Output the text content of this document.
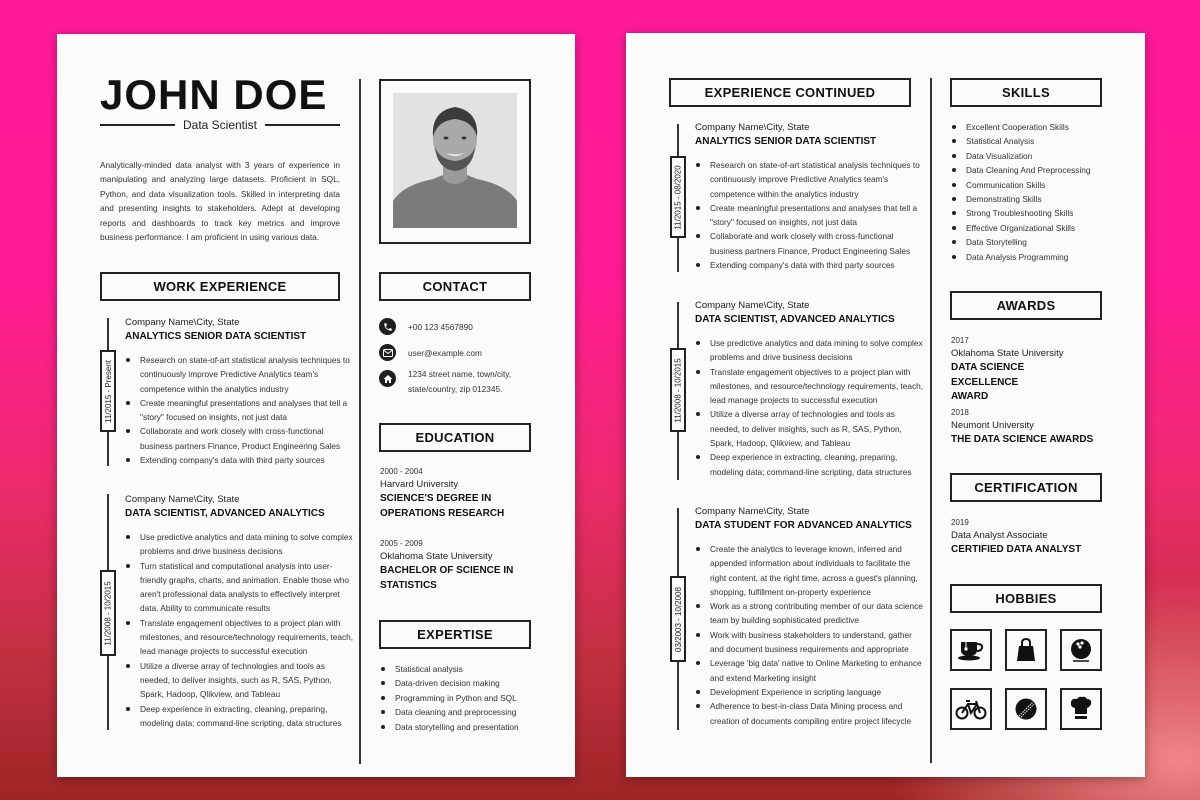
JOHN DOE
Data Scientist
Analytically-minded data analyst with 3 years of experience in manipulating and analyzing large datasets. Proficient in SQL, Python, and data visualization tools. Skilled in interpreting data and presenting insights to stakeholders. Adept at developing reports and dashboards to track key metrics and improve business performance. I am proficient in using various data.
WORK EXPERIENCE
11/2015 - Present
Company Name\City, State
ANALYTICS SENIOR DATA SCIENTIST
Research on state-of-art statistical analysis techniques to continuously improve Predictive Analytics team's competence within the analytics industry
Create meaningful presentations and analyses that tell a "story" focused on insights, not just data
Collaborate and work closely with cross-functional business partners Finance, Product Engineering Sales
Extending company's data with third party sources
11/2008 - 10/2015
Company Name\City, State
DATA SCIENTIST, ADVANCED ANALYTICS
Use predictive analytics and data mining to solve complex problems and drive business decisions
Turn statistical and computational analysis into user-friendly graphs, charts, and animation. Enable those who aren't professional data analysts to effectively interpret data. Ability to communicate results
Translate engagement objectives to a project plan with milestones, and resource/technology requirements, teach, lead manage projects to successful execution
Utilize a diverse array of technologies and tools as needed, to deliver insights, such as R, SAS, Python, Spark, Hadoop, Qlikview, and Tableau
Deep experience in extracting, cleaning, preparing, modeling data; command-line scripting, data structures
CONTACT
+00 123 4567890
user@example.com
1234 street name, town/city, state/country, zip 012345.
EDUCATION
2000 - 2004
Harvard University
SCIENCE'S DEGREE IN OPERATIONS RESEARCH
2005 - 2009
Oklahoma State University
BACHELOR OF SCIENCE IN STATISTICS
EXPERTISE
Statistical analysis
Data-driven decision making
Programming in Python and SQL
Data cleaning and preprocessing
Data storytelling and presentation
EXPERIENCE CONTINUED
11/2015 - 08/2020
Company Name\City, State
ANALYTICS SENIOR DATA SCIENTIST
Research on state-of-art statistical analysis techniques to continuously improve Predictive Analytics team's competence within the analytics industry
Create meaningful presentations and analyses that tell a "story" focused on insights, not just data
Collaborate and work closely with cross-functional business partners Finance, Product Engineering Sales
Extending company's data with third party sources
11/2008 - 10/2015
Company Name\City, State
DATA SCIENTIST, ADVANCED ANALYTICS
Use predictive analytics and data mining to solve complex problems and drive business decisions
Translate engagement objectives to a project plan with milestones, and resource/technology requirements, teach, lead manage projects to successful execution
Utilize a diverse array of technologies and tools as needed, to deliver insights, such as R, SAS, Python, Spark, Hadoop, Qlikview, and Tableau
Deep experience in extracting, cleaning, preparing, modeling data; command-line scripting, data structures
03/2003 - 10/2008
Company Name\City, State
DATA STUDENT FOR ADVANCED ANALYTICS
Create the analytics to leverage known, inferred and appended information about individuals to facilitate the right content, at the right time, across a guest's planning, shopping, fulfillment on-property experience
Work as a strong contributing member of our data science team by building sophisticated predictive
Work with business stakeholders to understand, gather and document business requirements and appropriate
Leverage 'big data' native to Online Marketing to enhance and extend Marketing insight
Development Experience in scripting language
Adherence to best-in-class Data Mining process and creation of documents compiling entire project lifecycle
SKILLS
Excellent Cooperation Skills
Statistical Analysis
Data Visualization
Data Cleaning And Preprocessing
Communication Skills
Demonstrating Skills
Strong Troubleshooting Skills
Effective Organizational Skills
Data Storytelling
Data Analysis Programming
AWARDS
2017
Oklahoma State University
DATA SCIENCE EXCELLENCE AWARD
2018
Neumont University
THE DATA SCIENCE AWARDS
CERTIFICATION
2019
Data Analyst Associate
CERTIFIED DATA ANALYST
HOBBIES
